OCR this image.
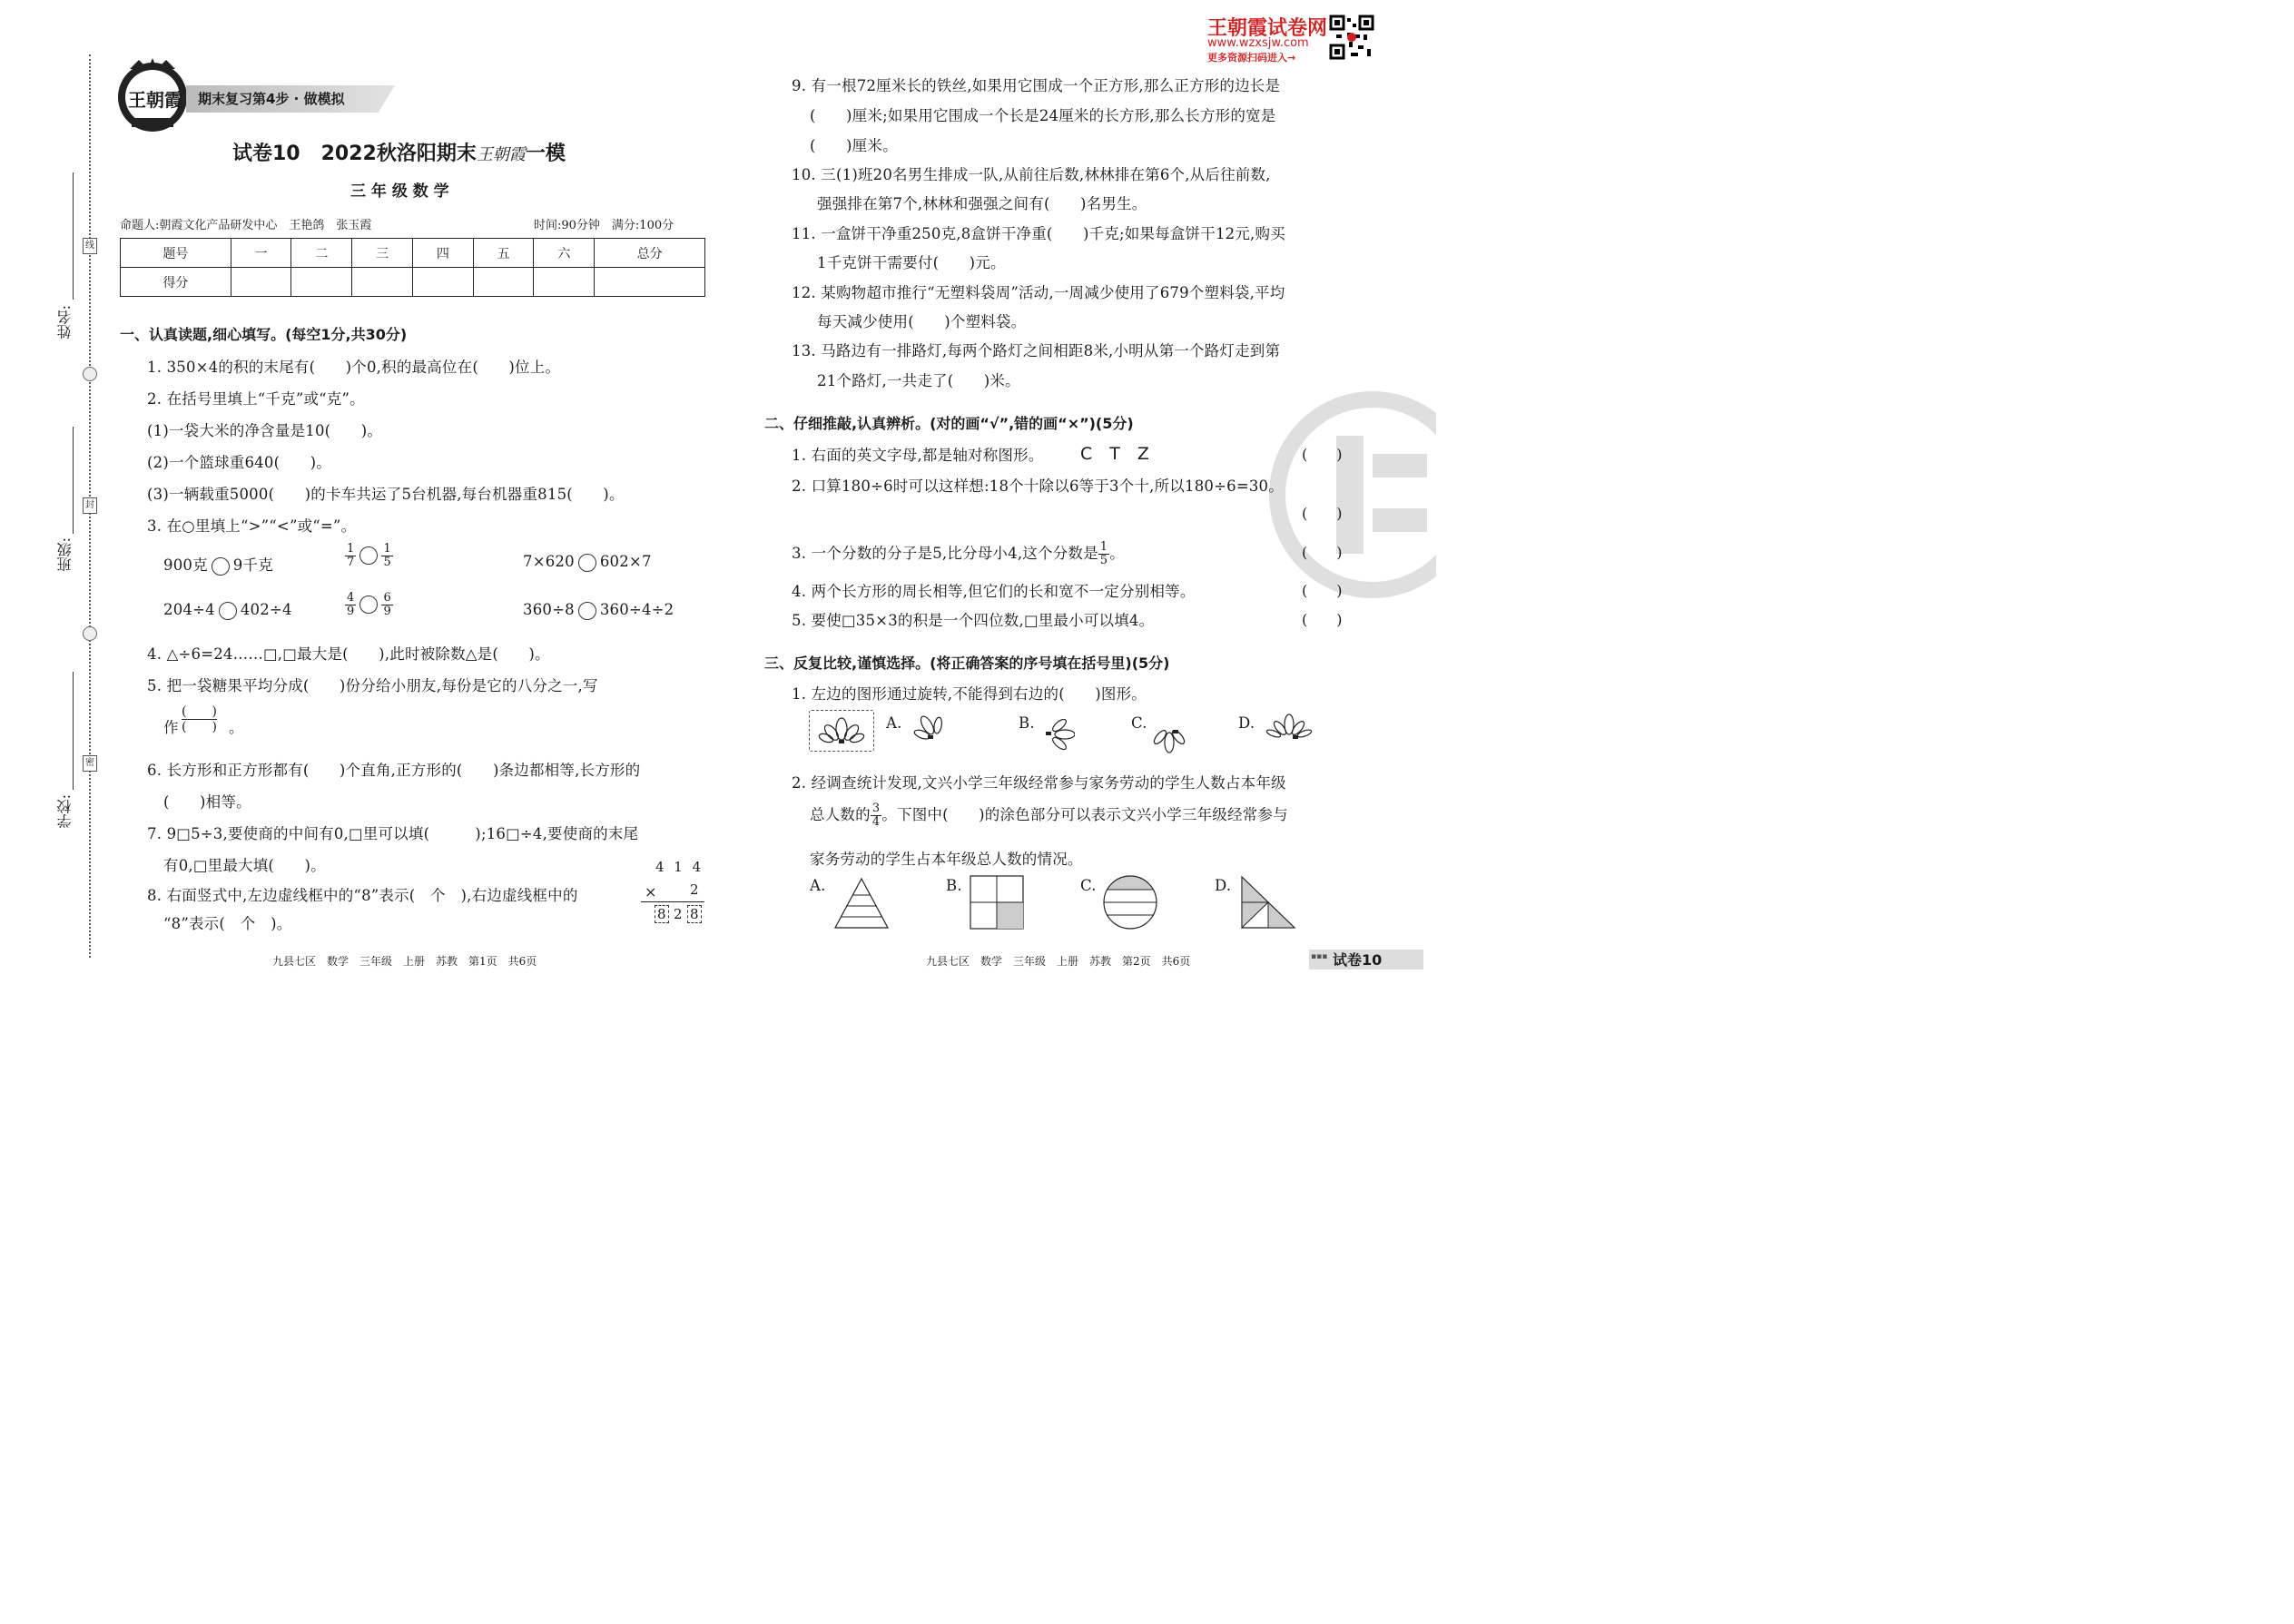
姓名:
班级:
学校:
线
封
密
王朝霞 期末复习第4步 · 做模拟
试卷10 2022秋洛阳期末王朝霞一模
三 年 级 数 学
命题人:朝霞文化产品研发中心　王艳鸽　张玉霞	时间:90分钟　满分:100分
题号	一	二	三	四	五	六	总分
得分							
一、认真读题,细心填写。(每空1分,共30分)
1. 350×4的积的末尾有(　　)个0,积的最高位在(　　)位上。
2. 在括号里填上“千克”或“克”。
(1)一袋大米的净含量是10(　　)。
(2)一个篮球重640(　　)。
(3)一辆载重5000(　　)的卡车共运了5台机器,每台机器重815(　　)。
3. 在○里填上“>”“<”或“=”。
900克 9千克	$\frac{1}{7} \frac{1}{5}$	7×620 602×7
204÷4 402÷4	$\frac{4}{9} \frac{6}{9}$	360÷8 360÷4÷2
4. △÷6=24……□,□最大是(　　),此时被除数△是(　　)。
5. 把一袋糖果平均分成(　　)份分给小朋友,每份是它的八分之一,写
作
(　　)
(　　) 。
6. 长方形和正方形都有(　　)个直角,正方形的(　　)条边都相等,长方形的
(　　)相等。
7. 9□5÷3,要使商的中间有0,□里可以填(　　　);16□÷4,要使商的末尾
有0,□里最大填(　　)。
8. 右面竖式中,左边虚线框中的“8”表示(　个　),右边虚线框中的
“8”表示(　个　)。
4 1 4
× 2
8 2 8
九县七区　数学　三年级　上册　苏教　第1页　共6页
王朝霞试卷网
www.wzxsjw.com
更多资源扫码进入→
9. 有一根72厘米长的铁丝,如果用它围成一个正方形,那么正方形的边长是
(　　)厘米;如果用它围成一个长是24厘米的长方形,那么长方形的宽是
(　　)厘米。
10. 三(1)班20名男生排成一队,从前往后数,林林排在第6个,从后往前数,
强强排在第7个,林林和强强之间有(　　)名男生。
11. 一盒饼干净重250克,8盒饼干净重(　　)千克;如果每盒饼干12元,购买
1千克饼干需要付(　　)元。
12. 某购物超市推行“无塑料袋周”活动,一周减少使用了679个塑料袋,平均
每天减少使用(　　)个塑料袋。
13. 马路边有一排路灯,每两个路灯之间相距8米,小明从第一个路灯走到第
21个路灯,一共走了(　　)米。
二、仔细推敲,认真辨析。(对的画“√”,错的画“×”)(5分)
1. 右面的英文字母,都是轴对称图形。 C　T　Z	(　　)
2. 口算180÷6时可以这样想:18个十除以6等于3个十,所以180÷6=30。
(　　)
3. 一个分数的分子是5,比分母小4,这个分数是 $\frac{1}{5}$ 。	(　　)
4. 两个长方形的周长相等,但它们的长和宽不一定分别相等。	(　　)
5. 要使□35×3的积是一个四位数,□里最小可以填4。	(　　)
三、反复比较,谨慎选择。(将正确答案的序号填在括号里)(5分)
1. 左边的图形通过旋转,不能得到右边的(　　)图形。
A.	B.	C.	D.
2. 经调查统计发现,文兴小学三年级经常参与家务劳动的学生人数占本年级
总人数的 $\frac{3}{4}$ 。下图中(　　)的涂色部分可以表示文兴小学三年级经常参与
家务劳动的学生占本年级总人数的情况。
A.	B.	C.	D.
九县七区　数学　三年级　上册　苏教　第2页　共6页	▪▪▪ 试卷10
